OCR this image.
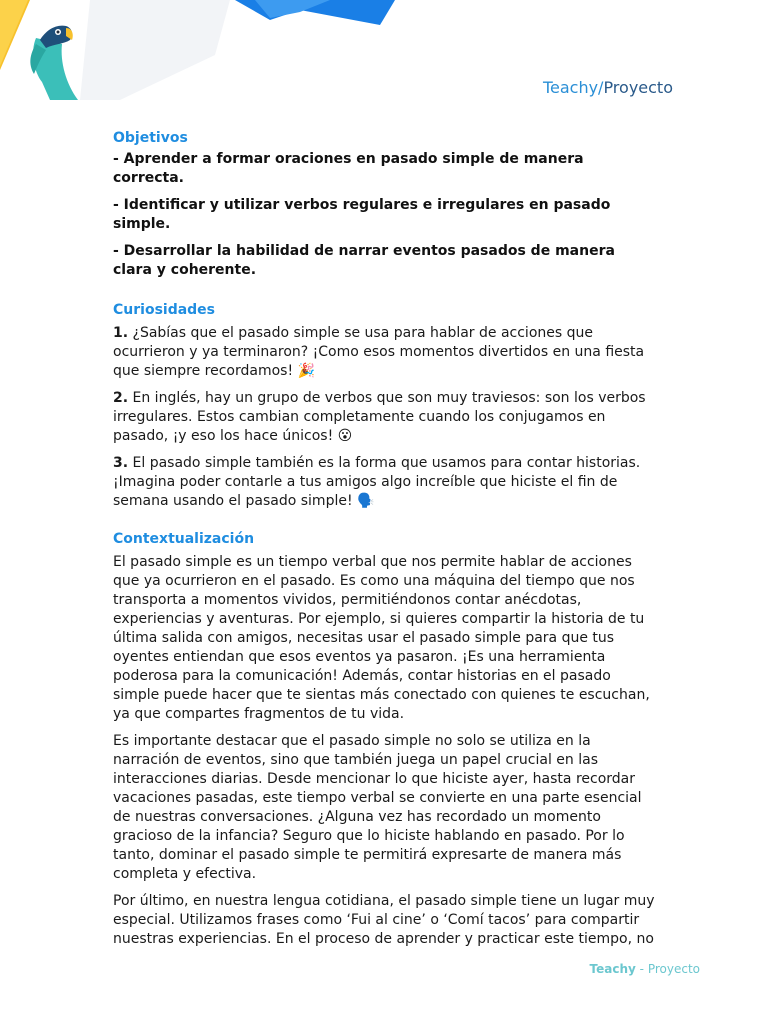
Teachy/Proyecto
Objetivos
- Aprender a formar oraciones en pasado simple de manera correcta.
- Identificar y utilizar verbos regulares e irregulares en pasado simple.
- Desarrollar la habilidad de narrar eventos pasados de manera clara y coherente.
Curiosidades

1. ¿Sabías que el pasado simple se usa para hablar de acciones que ocurrieron y ya terminaron? ¡Como esos momentos divertidos en una fiesta que siempre recordamos! 🎉

2. En inglés, hay un grupo de verbos que son muy traviesos: son los verbos irregulares. Estos cambian completamente cuando los conjugamos en pasado, ¡y eso los hace únicos! 😮

3. El pasado simple también es la forma que usamos para contar historias. ¡Imagina poder contarle a tus amigos algo increíble que hiciste el fin de semana usando el pasado simple! 🗣️

Contextualización

El pasado simple es un tiempo verbal que nos permite hablar de acciones que ya ocurrieron en el pasado. Es como una máquina del tiempo que nos transporta a momentos vividos, permitiéndonos contar anécdotas, experiencias y aventuras. Por ejemplo, si quieres compartir la historia de tu última salida con amigos, necesitas usar el pasado simple para que tus oyentes entiendan que esos eventos ya pasaron. ¡Es una herramienta poderosa para la comunicación! Además, contar historias en el pasado simple puede hacer que te sientas más conectado con quienes te escuchan, ya que compartes fragmentos de tu vida.

Es importante destacar que el pasado simple no solo se utiliza en la narración de eventos, sino que también juega un papel crucial en las interacciones diarias. Desde mencionar lo que hiciste ayer, hasta recordar vacaciones pasadas, este tiempo verbal se convierte en una parte esencial de nuestras conversaciones. ¿Alguna vez has recordado un momento gracioso de la infancia? Seguro que lo hiciste hablando en pasado. Por lo tanto, dominar el pasado simple te permitirá expresarte de manera más completa y efectiva.

Por último, en nuestra lengua cotidiana, el pasado simple tiene un lugar muy especial. Utilizamos frases como ‘Fui al cine’ o ‘Comí tacos’ para compartir nuestras experiencias. En el proceso de aprender y practicar este tiempo, no

Teachy - Proyecto
